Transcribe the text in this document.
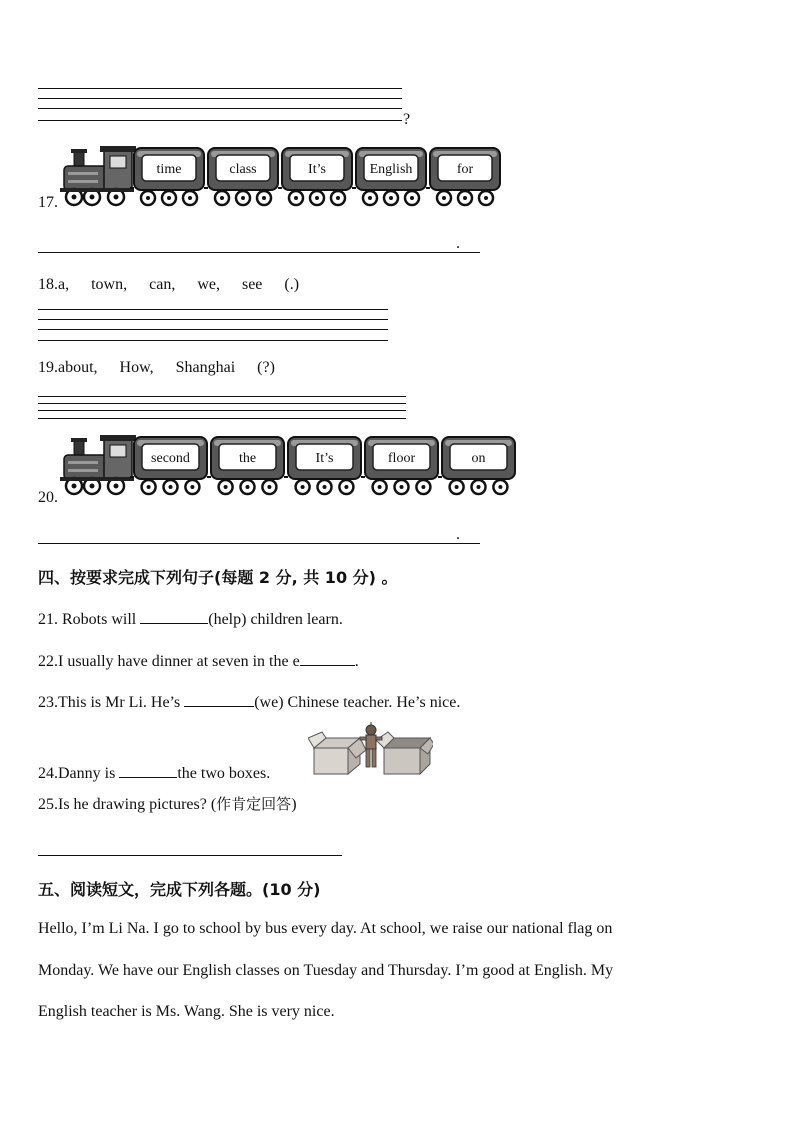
?
17.
time	class	It’s	English	for
.
18.a, town, can, we, see (.)
19.about, How, Shanghai (?)
20.
second	the	It’s	floor	on
.
四、按要求完成下列句子(每题 2 分, 共 10 分) 。
21. Robots will	(help) children learn.
22.I usually have dinner at seven in the e	.
23.This is Mr Li. He’s	(we) Chinese teacher. He’s nice.
24.Danny is	the two boxes.
25.Is he drawing pictures? (作肯定回答)
五、阅读短文，完成下列各题。(10 分)
Hello, I’m Li Na. I go to school by bus every day. At school, we raise our national flag on
Monday. We have our English classes on Tuesday and Thursday. I’m good at English. My
English teacher is Ms. Wang. She is very nice.
